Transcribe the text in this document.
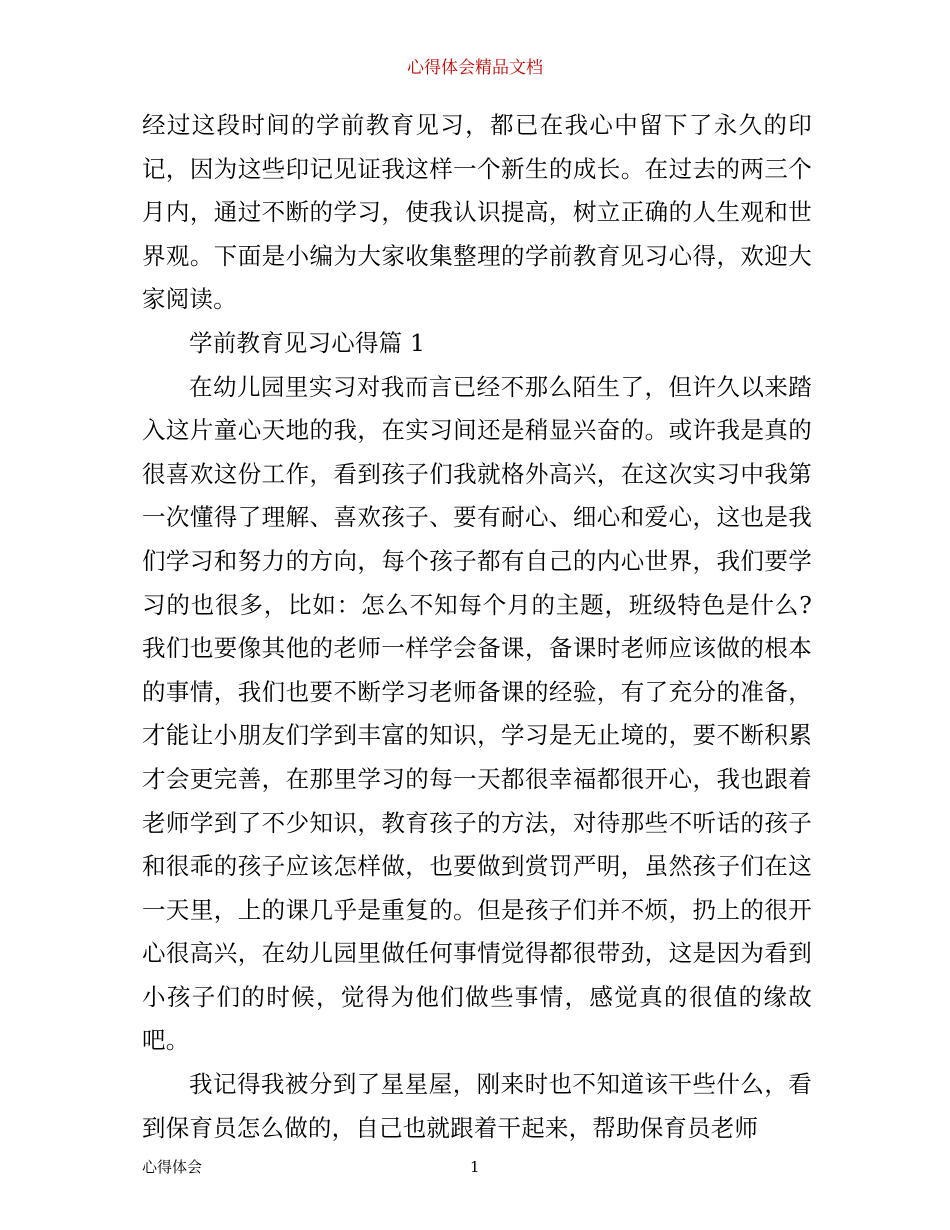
心得体会精品文档

经过这段时间的学前教育见习，都已在我心中留下了永久的印记，因为这些印记见证我这样一个新生的成长。在过去的两三个月内，通过不断的学习，使我认识提高，树立正确的人生观和世界观。下面是小编为大家收集整理的学前教育见习心得，欢迎大家阅读。

学前教育见习心得篇 1

在幼儿园里实习对我而言已经不那么陌生了，但许久以来踏入这片童心天地的我，在实习间还是稍显兴奋的。或许我是真的很喜欢这份工作，看到孩子们我就格外高兴，在这次实习中我第一次懂得了理解、喜欢孩子、要有耐心、细心和爱心，这也是我们学习和努力的方向，每个孩子都有自己的内心世界，我们要学习的也很多，比如：怎么不知每个月的主题，班级特色是什么?我们也要像其他的老师一样学会备课，备课时老师应该做的根本的事情，我们也要不断学习老师备课的经验，有了充分的准备，才能让小朋友们学到丰富的知识，学习是无止境的，要不断积累才会更完善，在那里学习的每一天都很幸福都很开心，我也跟着老师学到了不少知识，教育孩子的方法，对待那些不听话的孩子和很乖的孩子应该怎样做，也要做到赏罚严明，虽然孩子们在这一天里，上的课几乎是重复的。但是孩子们并不烦，扔上的很开心很高兴，在幼儿园里做任何事情觉得都很带劲，这是因为看到小孩子们的时候，觉得为他们做些事情，感觉真的很值的缘故吧。

我记得我被分到了星星屋，刚来时也不知道该干些什么，看到保育员怎么做的，自己也就跟着干起来，帮助保育员老师

心得体会	1
